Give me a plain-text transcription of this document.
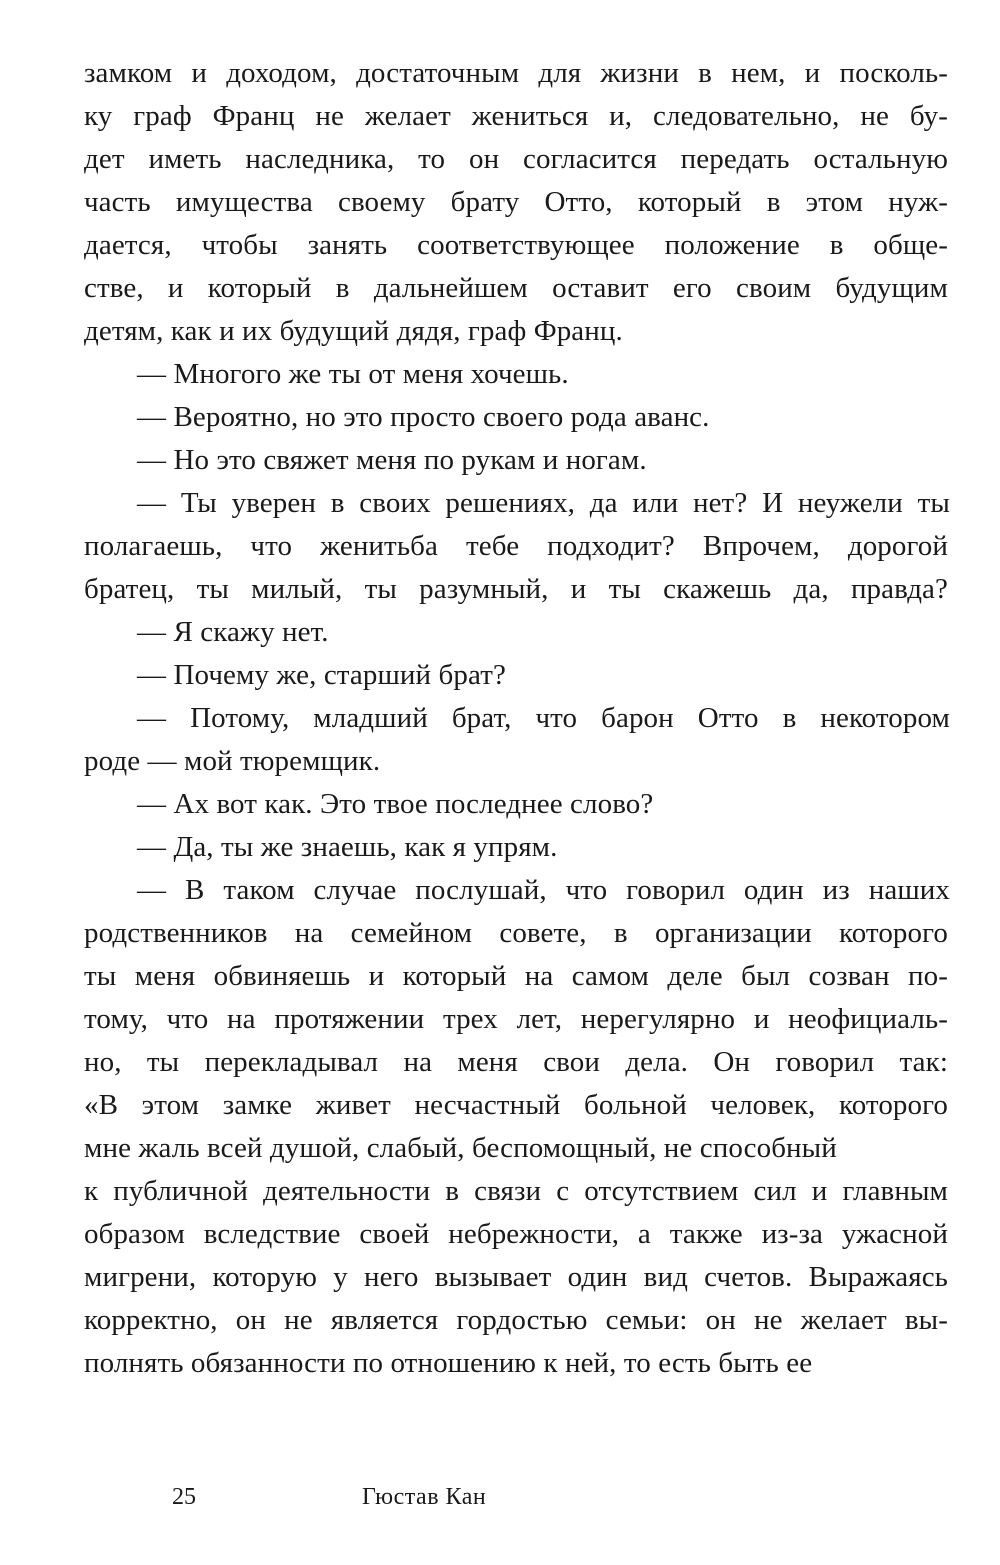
замком и доходом, достаточным для жизни в нем, и посколь-
ку граф Франц не желает жениться и, следовательно, не бу-
дет иметь наследника, то он согласится передать остальную
часть имущества своему брату Отто, который в этом нуж-
дается, чтобы занять соответствующее положение в обще-
стве, и который в дальнейшем оставит его своим будущим
детям, как и их будущий дядя, граф Франц.
— Многого же ты от меня хочешь.
— Вероятно, но это просто своего рода аванс.
— Но это свяжет меня по рукам и ногам.
— Ты уверен в своих решениях, да или нет? И неужели ты
полагаешь, что женитьба тебе подходит? Впрочем, дорогой
братец, ты милый, ты разумный, и ты скажешь да, правда?
— Я скажу нет.
— Почему же, старший брат?
— Потому, младший брат, что барон Отто в некотором
роде — мой тюремщик.
— Ах вот как. Это твое последнее слово?
— Да, ты же знаешь, как я упрям.
— В таком случае послушай, что говорил один из наших
родственников на семейном совете, в организации которого
ты меня обвиняешь и который на самом деле был созван по-
тому, что на протяжении трех лет, нерегулярно и неофициаль-
но, ты перекладывал на меня свои дела. Он говорил так:
«В этом замке живет несчастный больной человек, которого
мне жаль всей душой, слабый, беспомощный, не способный
к публичной деятельности в связи с отсутствием сил и главным
образом вследствие своей небрежности, а также из-за ужасной
мигрени, которую у него вызывает один вид счетов. Выражаясь
корректно, он не является гордостью семьи: он не желает вы-
полнять обязанности по отношению к ней, то есть быть ее
25	Гюстав Кан
